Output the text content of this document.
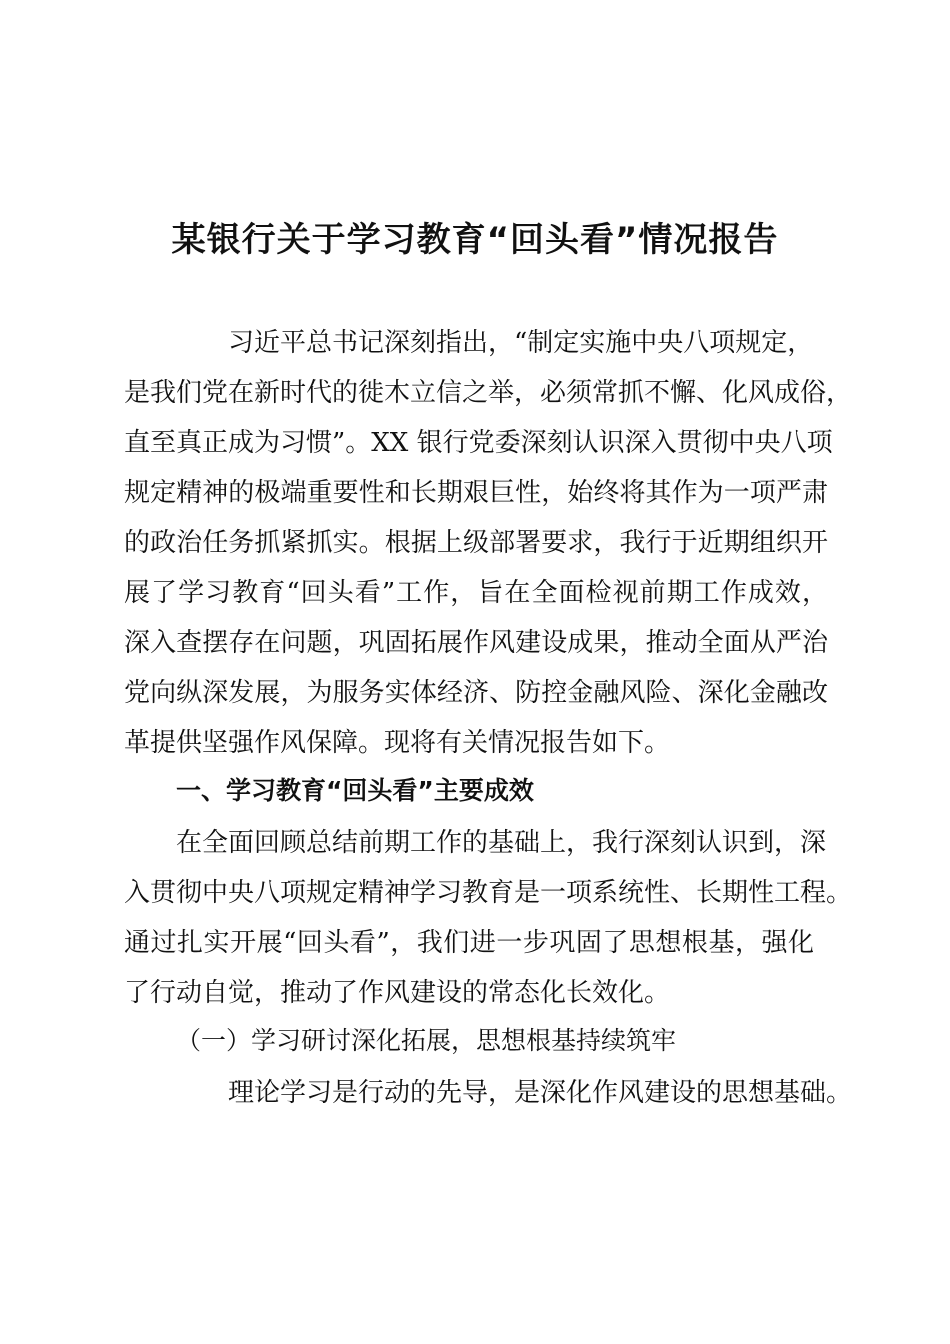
某银行关于学习教育“回头看”情况报告
习近平总书记深刻指出，“制定实施中央八项规定，
是我们党在新时代的徙木立信之举，必须常抓不懈、化风成俗，
直至真正成为习惯”。XX 银行党委深刻认识深入贯彻中央八项
规定精神的极端重要性和长期艰巨性，始终将其作为一项严肃
的政治任务抓紧抓实。根据上级部署要求，我行于近期组织开
展了学习教育“回头看”工作，旨在全面检视前期工作成效，
深入查摆存在问题，巩固拓展作风建设成果，推动全面从严治
党向纵深发展，为服务实体经济、防控金融风险、深化金融改
革提供坚强作风保障。现将有关情况报告如下。
一、学习教育“回头看”主要成效
在全面回顾总结前期工作的基础上，我行深刻认识到，深
入贯彻中央八项规定精神学习教育是一项系统性、长期性工程。
通过扎实开展“回头看”，我们进一步巩固了思想根基，强化
了行动自觉，推动了作风建设的常态化长效化。
（一）学习研讨深化拓展，思想根基持续筑牢
理论学习是行动的先导，是深化作风建设的思想基础。
